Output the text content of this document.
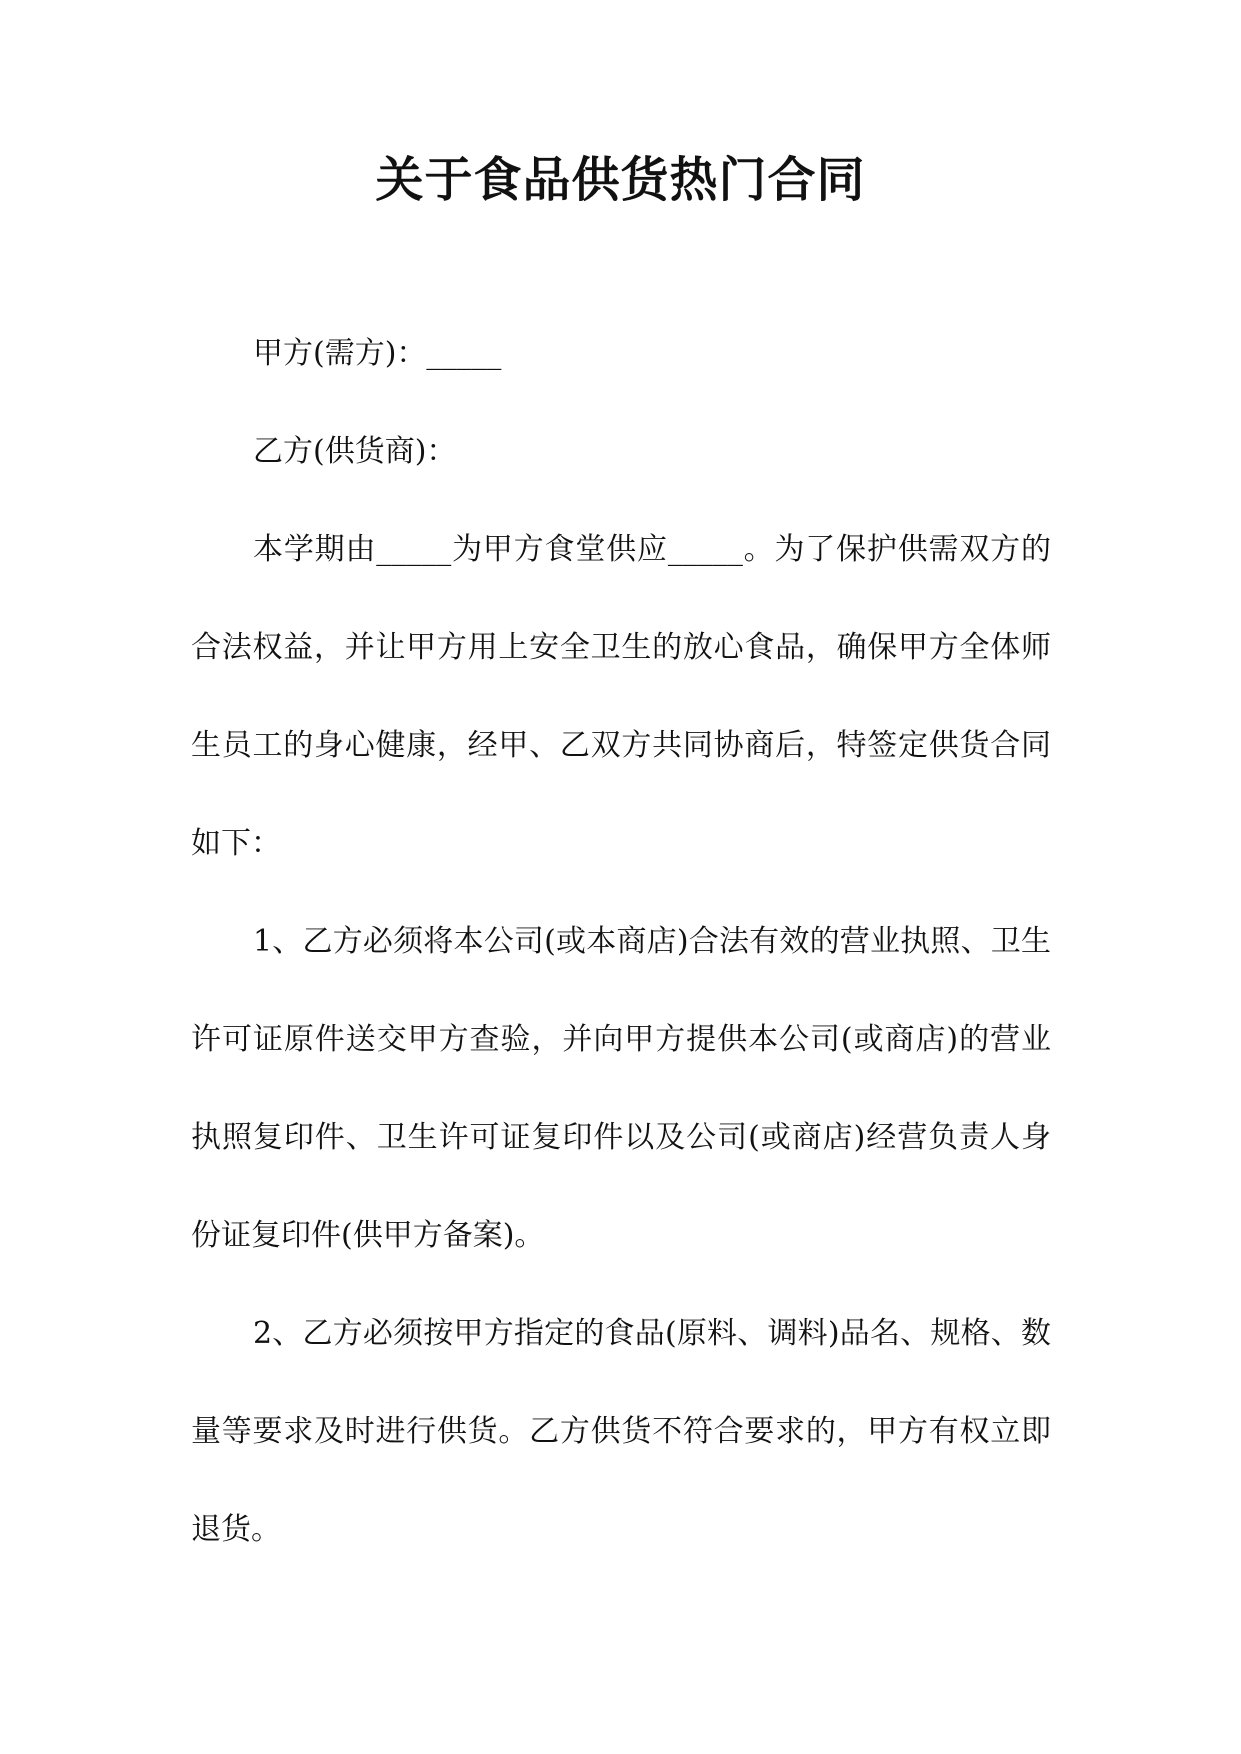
关于食品供货热门合同

甲方(需方)：_____

乙方(供货商)：

本学期由_____为甲方食堂供应_____。为了保护供需双方的合法权益，并让甲方用上安全卫生的放心食品，确保甲方全体师生员工的身心健康，经甲、乙双方共同协商后，特签定供货合同如下：

1、乙方必须将本公司(或本商店)合法有效的营业执照、卫生许可证原件送交甲方查验，并向甲方提供本公司(或商店)的营业执照复印件、卫生许可证复印件以及公司(或商店)经营负责人身份证复印件(供甲方备案)。

2、乙方必须按甲方指定的食品(原料、调料)品名、规格、数量等要求及时进行供货。乙方供货不符合要求的，甲方有权立即退货。
